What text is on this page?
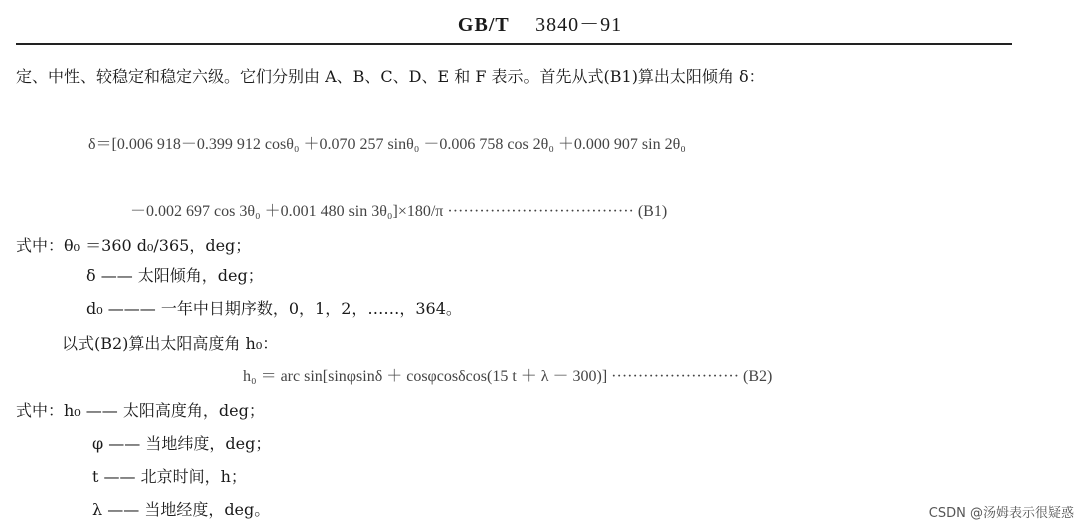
GB/T 3840－91
定、中性、较稳定和稳定六级。它们分别由 A、B、C、D、E 和 F 表示。首先从式(B1)算出太阳倾角 δ：
δ＝[0.006 918－0.399 912 cosθ₀ ＋0.070 257 sinθ₀ －0.006 758 cos 2θ₀ ＋0.000 907 sin 2θ₀
－0.002 697 cos 3θ₀ ＋0.001 480 sin 3θ₀]×180/π ··································· (B1)
式中：θ₀ ＝360 d₀/365，deg；
δ —— 太阳倾角，deg；
d₀ ——— 一年中日期序数，0，1，2，……，364。
以式(B2)算出太阳高度角 h₀：
h₀ ＝ arc sin[sinφsinδ ＋ cosφcosδcos(15 t ＋ λ － 300)] ························ (B2)
式中：h₀ —— 太阳高度角，deg；
φ —— 当地纬度，deg；
t —— 北京时间，h；
λ —— 当地经度，deg。	CSDN @汤姆表示很疑惑
